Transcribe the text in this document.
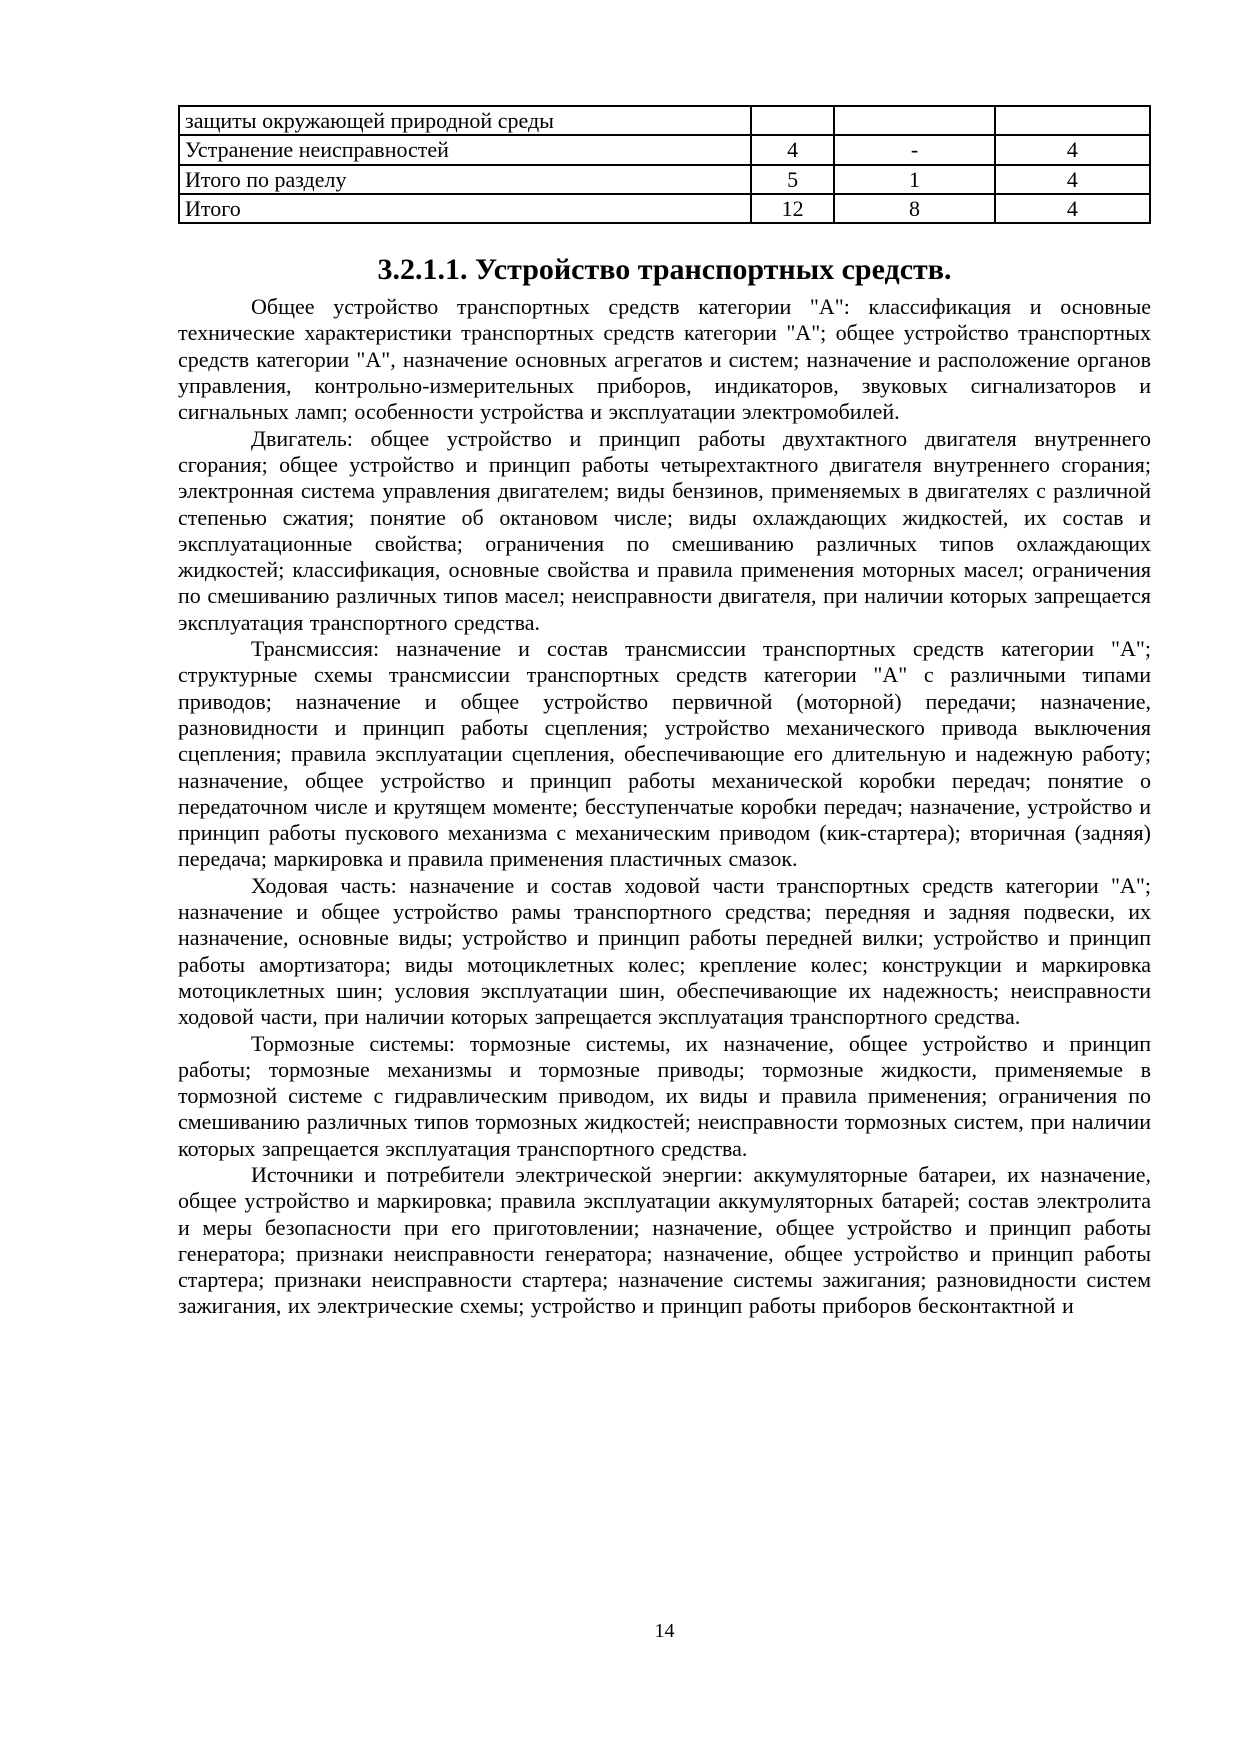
защиты окружающей природной среды			
Устранение неисправностей	4	-	4
Итого по разделу	5	1	4
Итого	12	8	4
3.2.1.1. Устройство транспортных средств.

Общее устройство транспортных средств категории "А": классификация и основные технические характеристики транспортных средств категории "А"; общее устройство транспортных средств категории "А", назначение основных агрегатов и систем; назначение и расположение органов управления, контрольно-измерительных приборов, индикаторов, звуковых сигнализаторов и сигнальных ламп; особенности устройства и эксплуатации электромобилей.

Двигатель: общее устройство и принцип работы двухтактного двигателя внутреннего сгорания; общее устройство и принцип работы четырехтактного двигателя внутреннего сгорания; электронная система управления двигателем; виды бензинов, применяемых в двигателях с различной степенью сжатия; понятие об октановом числе; виды охлаждающих жидкостей, их состав и эксплуатационные свойства; ограничения по смешиванию различных типов охлаждающих жидкостей; классификация, основные свойства и правила применения моторных масел; ограничения по смешиванию различных типов масел; неисправности двигателя, при наличии которых запрещается эксплуатация транспортного средства.

Трансмиссия: назначение и состав трансмиссии транспортных средств категории "А"; структурные схемы трансмиссии транспортных средств категории "А" с различными типами приводов; назначение и общее устройство первичной (моторной) передачи; назначение, разновидности и принцип работы сцепления; устройство механического привода выключения сцепления; правила эксплуатации сцепления, обеспечивающие его длительную и надежную работу; назначение, общее устройство и принцип работы механической коробки передач; понятие о передаточном числе и крутящем моменте; бесступенчатые коробки передач; назначение, устройство и принцип работы пускового механизма с механическим приводом (кик-стартера); вторичная (задняя) передача; маркировка и правила применения пластичных смазок.

Ходовая часть: назначение и состав ходовой части транспортных средств категории "А"; назначение и общее устройство рамы транспортного средства; передняя и задняя подвески, их назначение, основные виды; устройство и принцип работы передней вилки; устройство и принцип работы амортизатора; виды мотоциклетных колес; крепление колес; конструкции и маркировка мотоциклетных шин; условия эксплуатации шин, обеспечивающие их надежность; неисправности ходовой части, при наличии которых запрещается эксплуатация транспортного средства.

Тормозные системы: тормозные системы, их назначение, общее устройство и принцип работы; тормозные механизмы и тормозные приводы; тормозные жидкости, применяемые в тормозной системе с гидравлическим приводом, их виды и правила применения; ограничения по смешиванию различных типов тормозных жидкостей; неисправности тормозных систем, при наличии которых запрещается эксплуатация транспортного средства.

Источники и потребители электрической энергии: аккумуляторные батареи, их назначение, общее устройство и маркировка; правила эксплуатации аккумуляторных батарей; состав электролита и меры безопасности при его приготовлении; назначение, общее устройство и принцип работы генератора; признаки неисправности генератора; назначение, общее устройство и принцип работы стартера; признаки неисправности стартера; назначение системы зажигания; разновидности систем зажигания, их электрические схемы; устройство и принцип работы приборов бесконтактной и

14
